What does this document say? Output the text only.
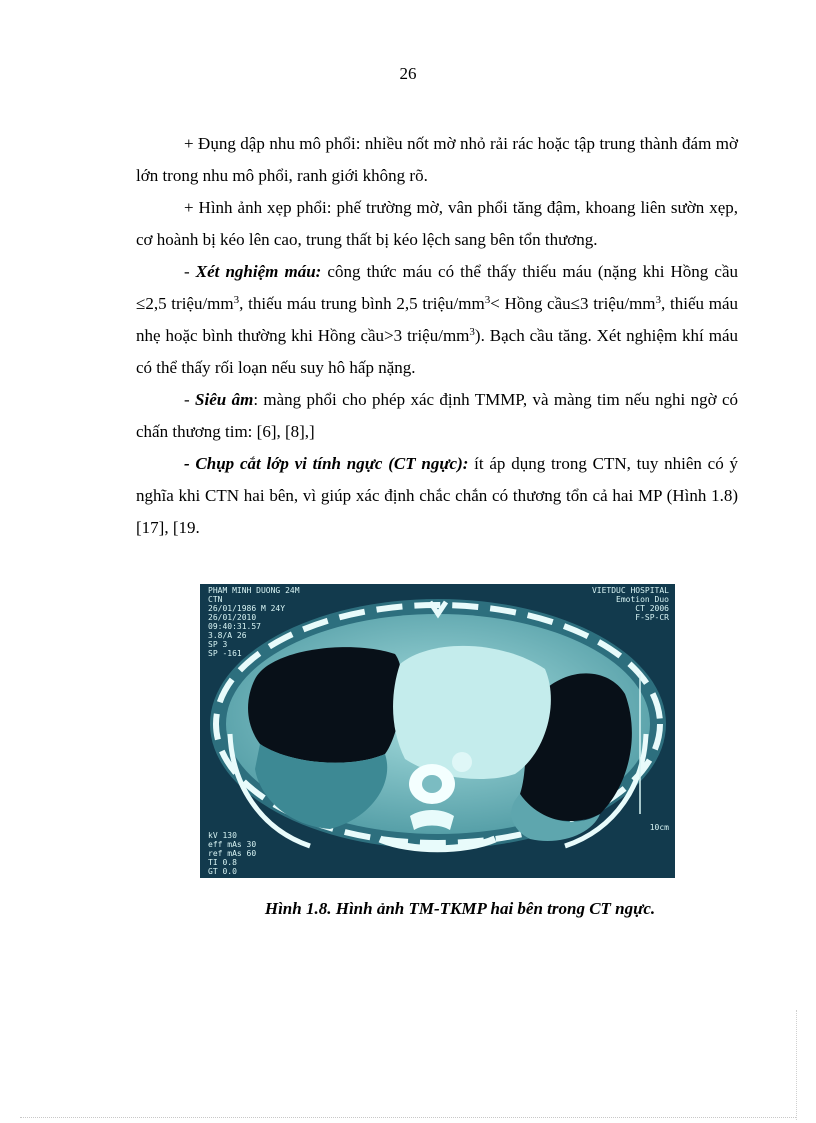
26

+ Đụng dập nhu mô phổi: nhiều nốt mờ nhỏ rải rác hoặc tập trung thành đám mờ lớn trong nhu mô phổi, ranh giới không rõ.

+ Hình ảnh xẹp phổi: phế trường mờ, vân phổi tăng đậm, khoang liên sườn xẹp, cơ hoành bị kéo lên cao, trung thất bị kéo lệch sang bên tổn thương.

- Xét nghiệm máu: công thức máu có thể thấy thiếu máu (nặng khi Hồng cầu ≤2,5 triệu/$mm^3$, thiếu máu trung bình 2,5 triệu/$mm^3<$ Hồng cầu≤3 triệu/$mm^3$, thiếu máu nhẹ hoặc bình thường khi Hồng cầu>3 triệu/$mm^3$). Bạch cầu tăng. Xét nghiệm khí máu có thể thấy rối loạn nếu suy hô hấp nặng.

- Siêu âm: màng phổi cho phép xác định TMMP, và màng tim nếu nghi ngờ có chấn thương tim: [6], [8],]

- Chụp cắt lớp vi tính ngực (CT ngực): ít áp dụng trong CTN, tuy nhiên có ý nghĩa khi CTN hai bên, vì giúp xác định chắc chắn có thương tổn cả hai MP (Hình 1.8) [17], [19.

PHAM MINH DUONG 24M
CTN
26/01/1986 M 24Y
26/01/2010
09:40:31.57
3.8/A 26
SP 3
SP -161
VIETDUC HOSPITAL
Emotion Duo
CT 2006
F-SP-CR
kV 130
eff mAs 30
ref mAs 60
TI 0.8
GT 0.0
10cm
Hình 1.8. Hình ảnh TM-TKMP hai bên trong CT ngực.
